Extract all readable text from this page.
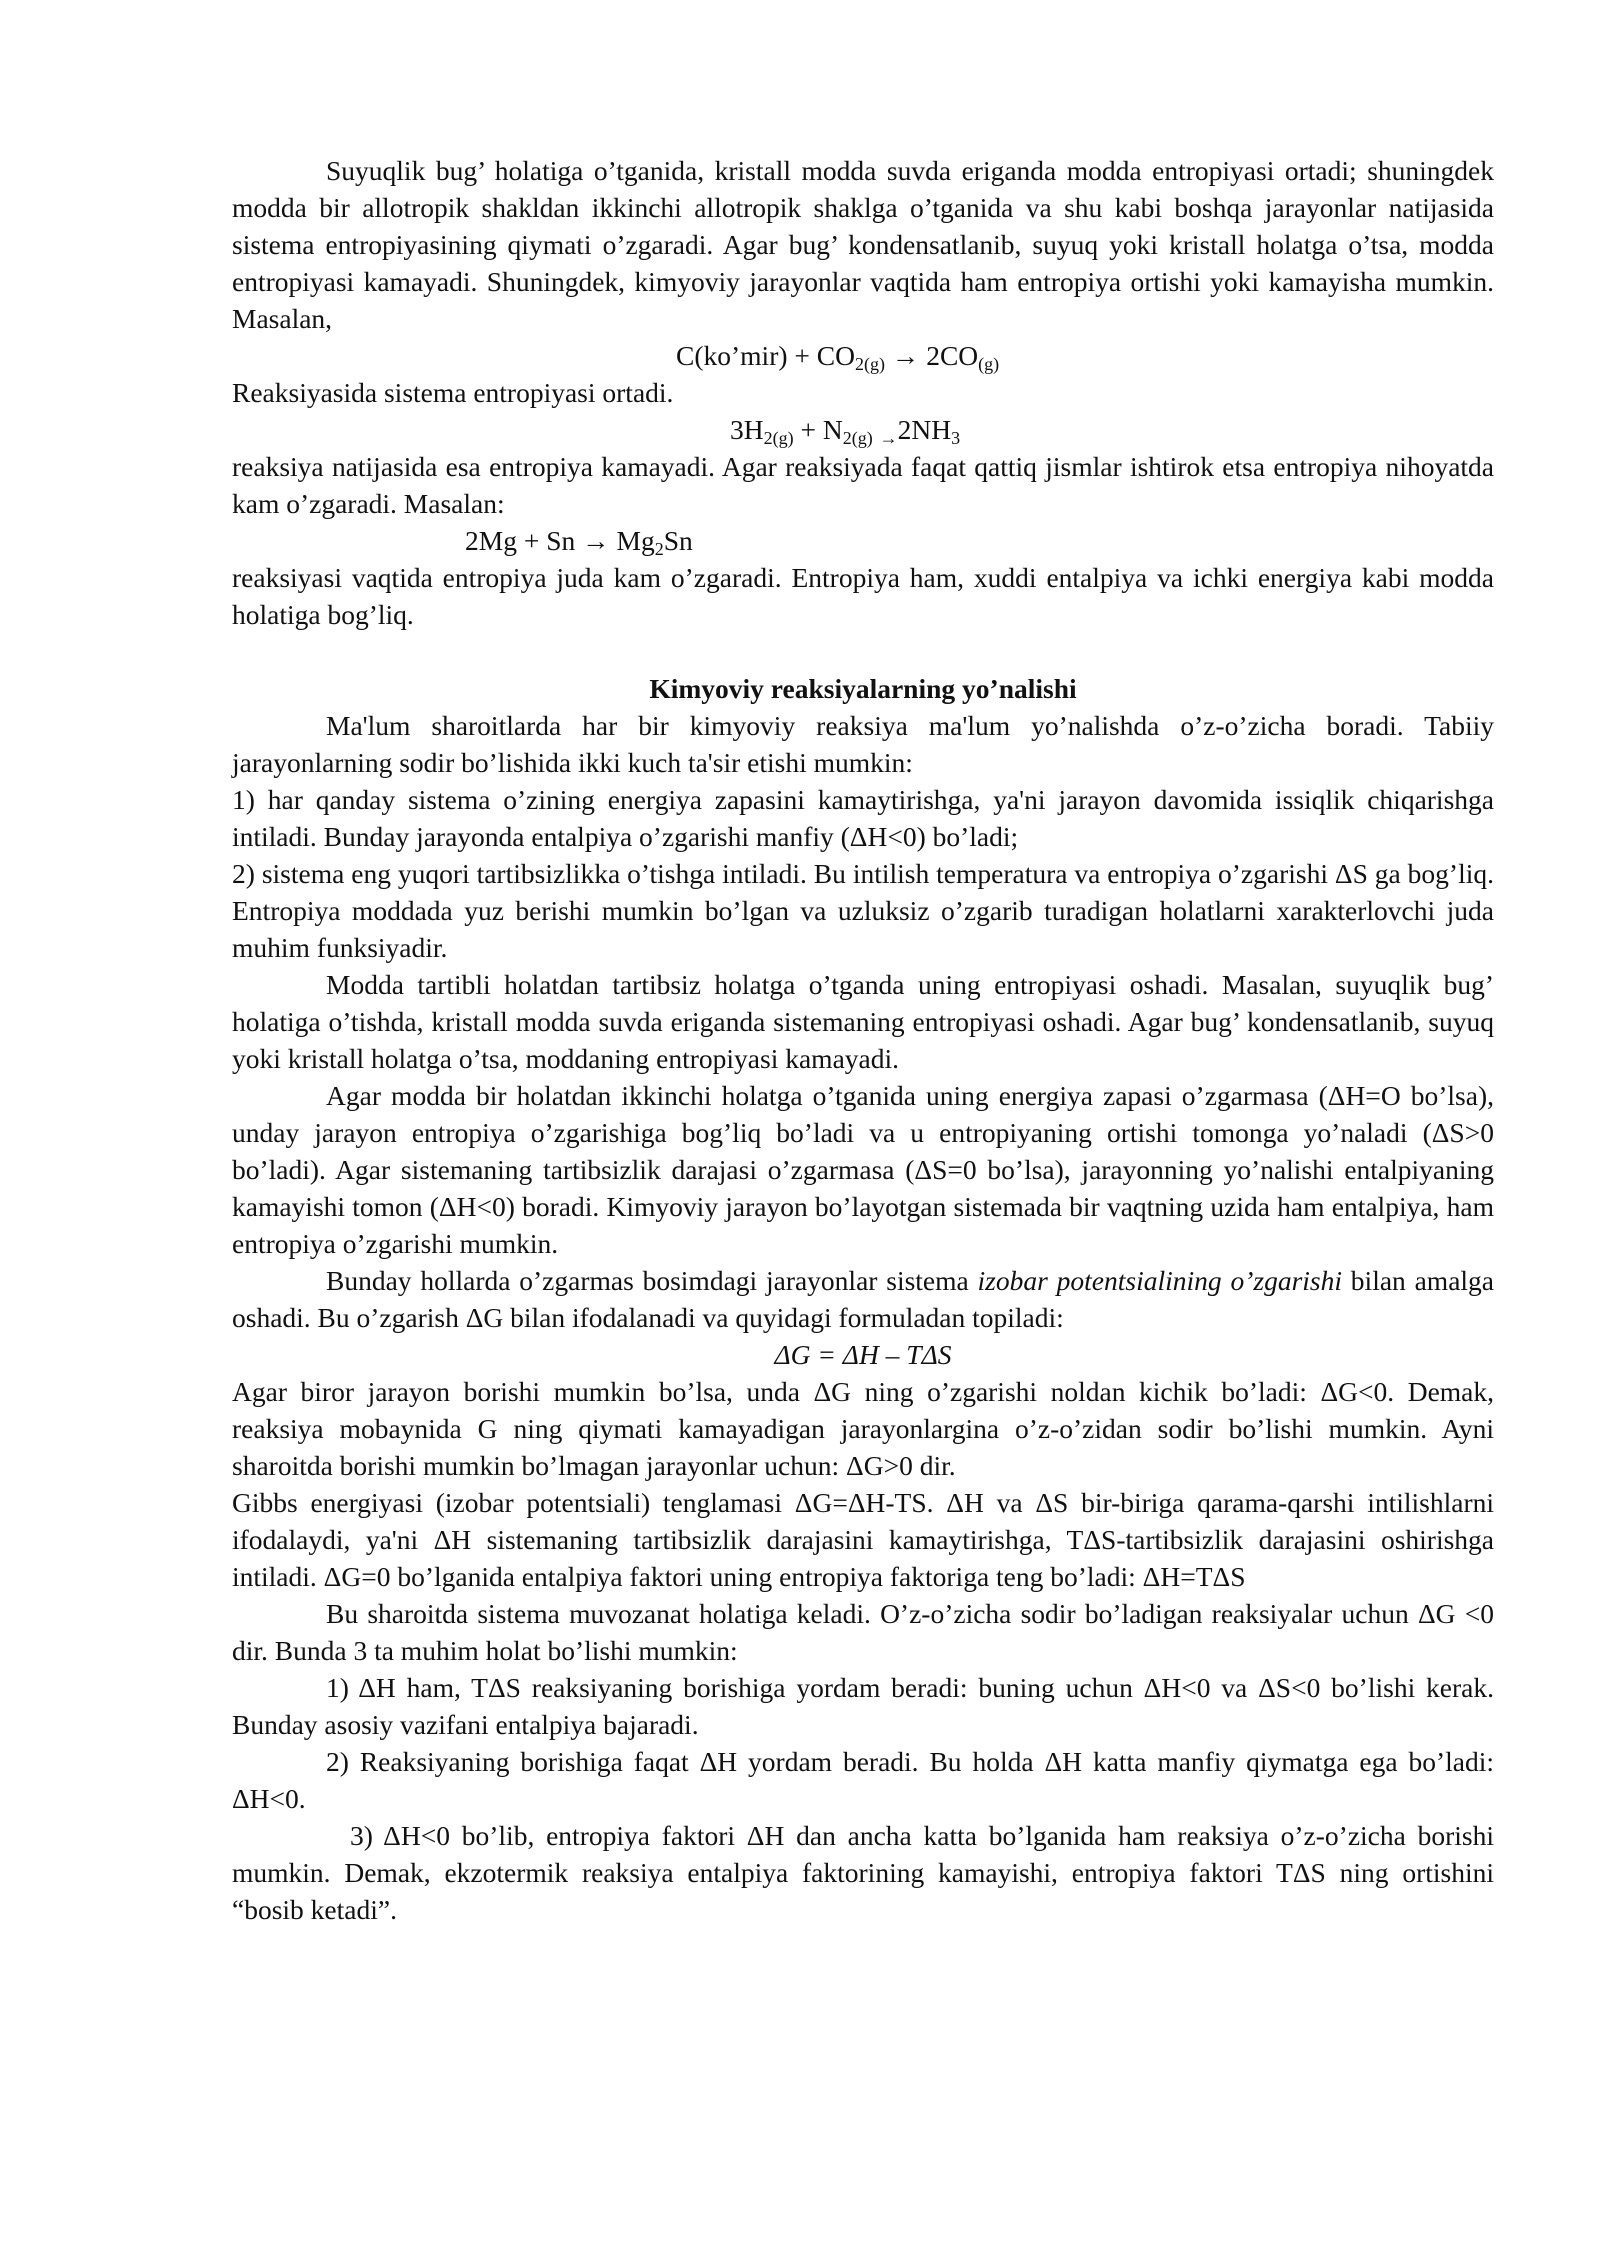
Suyuqlik bug’ holatiga o’tganida, kristall modda suvda eriganda modda entropiyasi ortadi; shuningdek modda bir allotropik shakldan ikkinchi allotropik shaklga o’tganida va shu kabi boshqa jarayonlar natijasida sistema entropiyasining qiymati o’zgaradi. Agar bug’ kondensatlanib, suyuq yoki kristall holatga o’tsa, modda entropiyasi kamayadi. Shuningdek, kimyoviy jarayonlar vaqtida ham entropiya ortishi yoki kamayisha mumkin. Masalan,

C(ko’mir) + $CO_{2(g)} \to 2CO_{(g)}$

Reaksiyasida sistema entropiyasi ortadi.

$3H_{2(g)} + N_{2(g)}$ $_\to 2NH_3$

reaksiya natijasida esa entropiya kamayadi. Agar reaksiyada faqat qattiq jismlar ishtirok etsa entropiya nihoyatda kam o’zgaradi. Masalan:

$2Mg + Sn \to Mg_2Sn$

reaksiyasi vaqtida entropiya juda kam o’zgaradi. Entropiya ham, xuddi entalpiya va ichki energiya kabi modda holatiga bog’liq.

Kimyoviy reaksiyalarning yo’nalishi

Ma'lum sharoitlarda har bir kimyoviy reaksiya ma'lum yo’nalishda o’z-o’zicha boradi. Tabiiy jarayonlarning sodir bo’lishida ikki kuch ta'sir etishi mumkin:

1) har qanday sistema o’zining energiya zapasini kamaytirishga, ya'ni jarayon davomida issiqlik chiqarishga intiladi. Bunday jarayonda entalpiya o’zgarishi manfiy (ΔH<0) bo’ladi;

2) sistema eng yuqori tartibsizlikka o’tishga intiladi. Bu intilish temperatura va entropiya o’zgarishi ΔS ga bog’liq. Entropiya moddada yuz berishi mumkin bo’lgan va uzluksiz o’zgarib turadigan holatlarni xarakterlovchi juda muhim funksiyadir.

Modda tartibli holatdan tartibsiz holatga o’tganda uning entropiyasi oshadi. Masalan, suyuqlik bug’ holatiga o’tishda, kristall modda suvda eriganda sistemaning entropiyasi oshadi. Agar bug’ kondensatlanib, suyuq yoki kristall holatga o’tsa, moddaning entropiyasi kamayadi.

Agar modda bir holatdan ikkinchi holatga o’tganida uning energiya zapasi o’zgarmasa (ΔH=O bo’lsa), unday jarayon entropiya o’zgarishiga bog’liq bo’ladi va u entropiyaning ortishi tomonga yo’naladi (ΔS>0 bo’ladi). Agar sistemaning tartibsizlik darajasi o’zgarmasa (ΔS=0 bo’lsa), jarayonning yo’nalishi entalpiyaning kamayishi tomon (ΔH<0) boradi. Kimyoviy jarayon bo’layotgan sistemada bir vaqtning uzida ham entalpiya, ham entropiya o’zgarishi mumkin.

Bunday hollarda o’zgarmas bosimdagi jarayonlar sistema izobar potentsialining o’zgarishi bilan amalga oshadi. Bu o’zgarish ΔG bilan ifodalanadi va quyidagi formuladan topiladi:

ΔG = ΔH – TΔS

Agar biror jarayon borishi mumkin bo’lsa, unda ΔG ning o’zgarishi noldan kichik bo’ladi: ΔG<0. Demak, reaksiya mobaynida G ning qiymati kamayadigan jarayonlargina o’z-o’zidan sodir bo’lishi mumkin. Ayni sharoitda borishi mumkin bo’lmagan jarayonlar uchun: ΔG>0 dir.

Gibbs energiyasi (izobar potentsiali) tenglamasi ΔG=ΔH-TS. ΔH va ΔS bir-biriga qarama-qarshi intilishlarni ifodalaydi, ya'ni ΔH sistemaning tartibsizlik darajasini kamaytirishga, TΔS-tartibsizlik darajasini oshirishga intiladi. ΔG=0 bo’lganida entalpiya faktori uning entropiya faktoriga teng bo’ladi: ΔH=TΔS

Bu sharoitda sistema muvozanat holatiga keladi. O’z-o’zicha sodir bo’ladigan reaksiyalar uchun ΔG <0 dir. Bunda 3 ta muhim holat bo’lishi mumkin:

1) ΔH ham, TΔS reaksiyaning borishiga yordam beradi: buning uchun ΔH<0 va ΔS<0 bo’lishi kerak. Bunday asosiy vazifani entalpiya bajaradi.

2) Reaksiyaning borishiga faqat ΔH yordam beradi. Bu holda ΔH katta manfiy qiymatga ega bo’ladi: ΔH<0.

3) ΔH<0 bo’lib, entropiya faktori ΔH dan ancha katta bo’lganida ham reaksiya o’z-o’zicha borishi mumkin. Demak, ekzotermik reaksiya entalpiya faktorining kamayishi, entropiya faktori TΔS ning ortishini “bosib ketadi”.
